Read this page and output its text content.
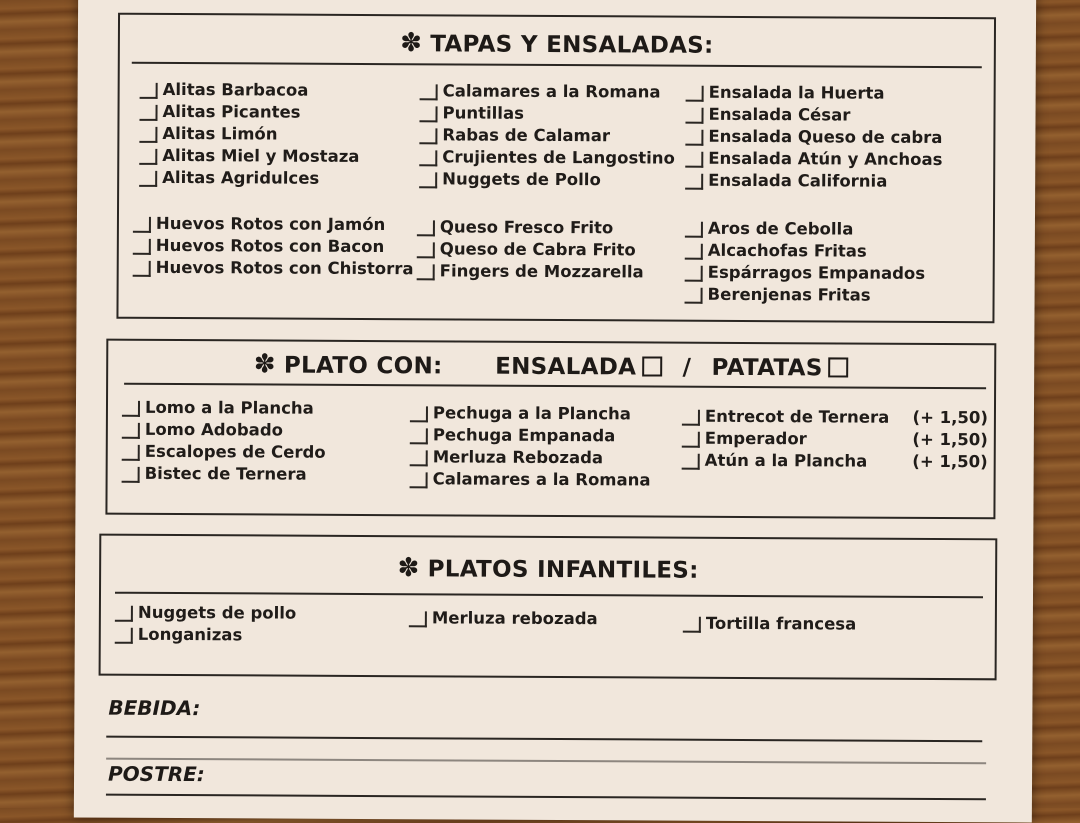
✽ TAPAS Y ENSALADAS:
Alitas Barbacoa
Alitas Picantes
Alitas Limón
Alitas Miel y Mostaza
Alitas Agridulces
Calamares a la Romana
Puntillas
Rabas de Calamar
Crujientes de Langostino
Nuggets de Pollo
Ensalada la Huerta
Ensalada César
Ensalada Queso de cabra
Ensalada Atún y Anchoas
Ensalada California
Huevos Rotos con Jamón
Huevos Rotos con Bacon
Huevos Rotos con Chistorra
Queso Fresco Frito
Queso de Cabra Frito
Fingers de Mozzarella
Aros de Cebolla
Alcachofas Fritas
Espárragos Empanados
Berenjenas Fritas
✽ PLATO CON: ENSALADA / PATATAS
Lomo a la Plancha
Lomo Adobado
Escalopes de Cerdo
Bistec de Ternera
Pechuga a la Plancha
Pechuga Empanada
Merluza Rebozada
Calamares a la Romana
Entrecot de Ternera (+ 1,50)
Emperador	(+ 1,50)
Atún a la Plancha	(+ 1,50)
✽ PLATOS INFANTILES:
Nuggets de pollo
Longanizas
Merluza rebozada	Tortilla francesa
BEBIDA:
POSTRE:
